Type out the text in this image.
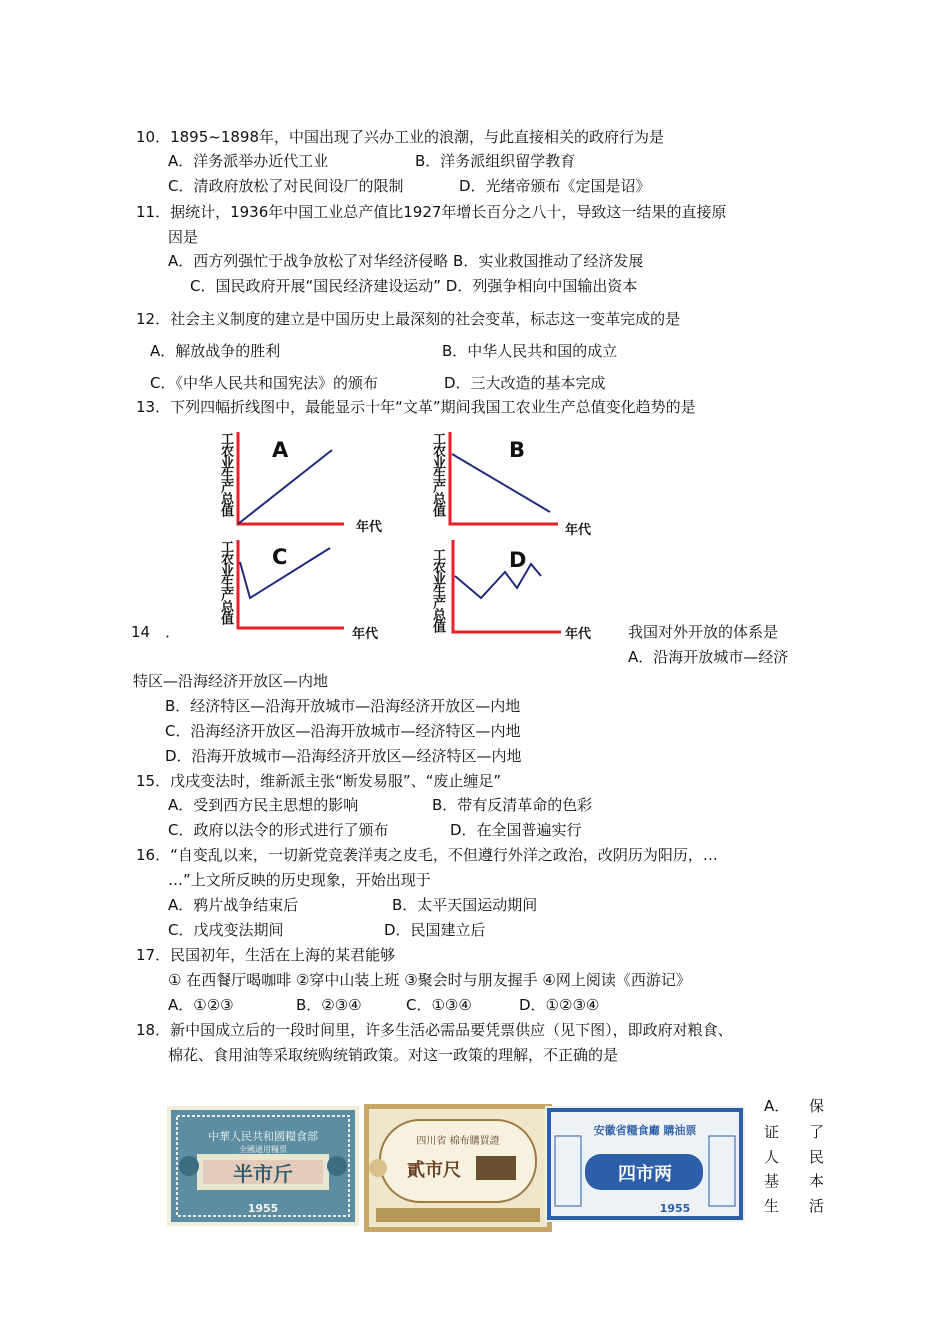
10．1895~1898年，中国出现了兴办工业的浪潮，与此直接相关的政府行为是
A．洋务派举办近代工业	B．洋务派组织留学教育
C．清政府放松了对民间设厂的限制	D．光绪帝颁布《定国是诏》
11．据统计，1936年中国工业总产值比1927年增长百分之八十，导致这一结果的直接原
因是
A．西方列强忙于战争放松了对华经济侵略 B．实业救国推动了经济发展
C．国民政府开展“国民经济建设运动” D．列强争相向中国输出资本
12．社会主义制度的建立是中国历史上最深刻的社会变革，标志这一变革完成的是
A．解放战争的胜利	B．中华人民共和国的成立
C．《中华人民共和国宪法》的颁布	D．三大改造的基本完成
13．下列四幅折线图中，最能显示十年“文革”期间我国工农业生产总值变化趋势的是
工农业生产总值
年代
A	工农业生产总值
年代
B
工农业生产总值
年代
C	工农业生产总值
年代
D
14　．	我国对外开放的体系是
A．沿海开放城市—经济
特区—沿海经济开放区—内地
B．经济特区—沿海开放城市—沿海经济开放区—内地
C．沿海经济开放区—沿海开放城市—经济特区—内地
D．沿海开放城市—沿海经济开放区—经济特区—内地
15．戊戌变法时，维新派主张“断发易服”、“废止缠足”
A．受到西方民主思想的影响	B．带有反清革命的色彩
C．政府以法令的形式进行了颁布	D．在全国普遍实行
16．“自变乱以来，一切新党竞袭洋夷之皮毛，不但遵行外洋之政治，改阴历为阳历，…
…”上文所反映的历史现象，开始出现于
A．鸦片战争结束后	B．太平天国运动期间
C．戊戌变法期间	D．民国建立后
17．民国初年，生活在上海的某君能够
① 在西餐厅喝咖啡 ②穿中山装上班 ③聚会时与朋友握手 ④网上阅读《西游记》
A．①②③	B．②③④	C．①③④	D．①②③④
18．新中国成立后的一段时间里，许多生活必需品要凭票供应（见下图），即政府对粮食、
棉花、食用油等采取统购统销政策。对这一政策的理解，不正确的是
中華人民共和國糧食部
全國通用糧票
半市斤
1955
四川省 棉布購買證
貳市尺
安徽省糧食廳 購油票
四市两
1955
A． 保
证 了
人 民
基 本
生 活
